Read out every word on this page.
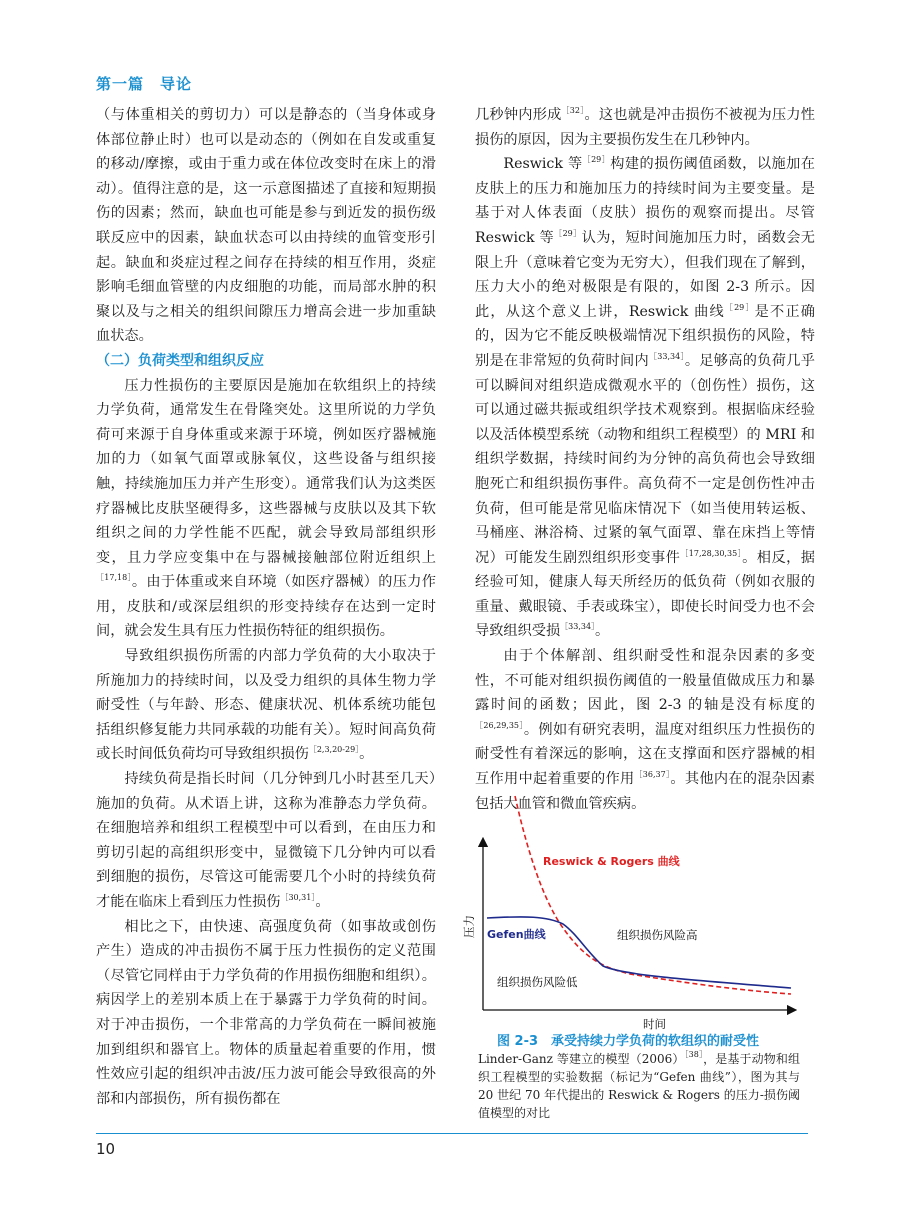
第一篇　导论

（与体重相关的剪切力）可以是静态的（当身体或身体部位静止时）也可以是动态的（例如在自发或重复的移动/摩擦，或由于重力或在体位改变时在床上的滑动）。值得注意的是，这一示意图描述了直接和短期损伤的因素；然而，缺血也可能是参与到近发的损伤级联反应中的因素，缺血状态可以由持续的血管变形引起。缺血和炎症过程之间存在持续的相互作用，炎症影响毛细血管壁的内皮细胞的功能，而局部水肿的积聚以及与之相关的组织间隙压力增高会进一步加重缺血状态。

（二）负荷类型和组织反应

压力性损伤的主要原因是施加在软组织上的持续力学负荷，通常发生在骨隆突处。这里所说的力学负荷可来源于自身体重或来源于环境，例如医疗器械施加的力（如氧气面罩或脉氧仪，这些设备与组织接触，持续施加压力并产生形变）。通常我们认为这类医疗器械比皮肤坚硬得多，这些器械与皮肤以及其下软组织之间的力学性能不匹配，就会导致局部组织形变，且力学应变集中在与器械接触部位附近组织上$^{[17,18]}$。由于体重或来自环境（如医疗器械）的压力作用，皮肤和/或深层组织的形变持续存在达到一定时间，就会发生具有压力性损伤特征的组织损伤。

导致组织损伤所需的内部力学负荷的大小取决于所施加力的持续时间，以及受力组织的具体生物力学耐受性（与年龄、形态、健康状况、机体系统功能包括组织修复能力共同承载的功能有关）。短时间高负荷或长时间低负荷均可导致组织损伤$^{[2,3,20-29]}$。

持续负荷是指长时间（几分钟到几小时甚至几天）施加的负荷。从术语上讲，这称为准静态力学负荷。在细胞培养和组织工程模型中可以看到，在由压力和剪切引起的高组织形变中，显微镜下几分钟内可以看到细胞的损伤，尽管这可能需要几个小时的持续负荷才能在临床上看到压力性损伤$^{[30,31]}$。

相比之下，由快速、高强度负荷（如事故或创伤产生）造成的冲击损伤不属于压力性损伤的定义范围（尽管它同样由于力学负荷的作用损伤细胞和组织）。病因学上的差别本质上在于暴露于力学负荷的时间。对于冲击损伤，一个非常高的力学负荷在一瞬间被施加到组织和器官上。物体的质量起着重要的作用，惯性效应引起的组织冲击波/压力波可能会导致很高的外部和内部损伤，所有损伤都在

几秒钟内形成$^{[32]}$。这也就是冲击损伤不被视为压力性损伤的原因，因为主要损伤发生在几秒钟内。

Reswick 等$^{[29]}$构建的损伤阈值函数，以施加在皮肤上的压力和施加压力的持续时间为主要变量。是基于对人体表面（皮肤）损伤的观察而提出。尽管 Reswick 等$^{[29]}$认为，短时间施加压力时，函数会无限上升（意味着它变为无穷大），但我们现在了解到，压力大小的绝对极限是有限的，如图 2-3 所示。因此，从这个意义上讲，Reswick 曲线$^{[29]}$是不正确的，因为它不能反映极端情况下组织损伤的风险，特别是在非常短的负荷时间内$^{[33,34]}$。足够高的负荷几乎可以瞬间对组织造成微观水平的（创伤性）损伤，这可以通过磁共振或组织学技术观察到。根据临床经验以及活体模型系统（动物和组织工程模型）的 MRI 和组织学数据，持续时间约为分钟的高负荷也会导致细胞死亡和组织损伤事件。高负荷不一定是创伤性冲击负荷，但可能是常见临床情况下（如当使用转运板、马桶座、淋浴椅、过紧的氧气面罩、靠在床挡上等情况）可能发生剧烈组织形变事件$^{[17,28,30,35]}$。相反，据经验可知，健康人每天所经历的低负荷（例如衣服的重量、戴眼镜、手表或珠宝），即使长时间受力也不会导致组织受损$^{[33,34]}$。

由于个体解剖、组织耐受性和混杂因素的多变性，不可能对组织损伤阈值的一般量值做成压力和暴露时间的函数；因此，图 2-3 的轴是没有标度的$^{[26,29,35]}$。例如有研究表明，温度对组织压力性损伤的耐受性有着深远的影响，这在支撑面和医疗器械的相互作用中起着重要的作用$^{[36,37]}$。其他内在的混杂因素包括大血管和微血管疾病。

Reswick & Rogers 曲线
Gefen曲线	组织损伤风险高
组织损伤风险低
压力
时间
图 2-3　承受持续力学负荷的软组织的耐受性
Linder-Ganz 等建立的模型$(2006)^{[38]}$，是基于动物和组织工程模型的实验数据（标记为“Gefen 曲线”），图为其与 20 世纪 70 年代提出的 Reswick & Rogers 的压力-损伤阈值模型的对比
10
